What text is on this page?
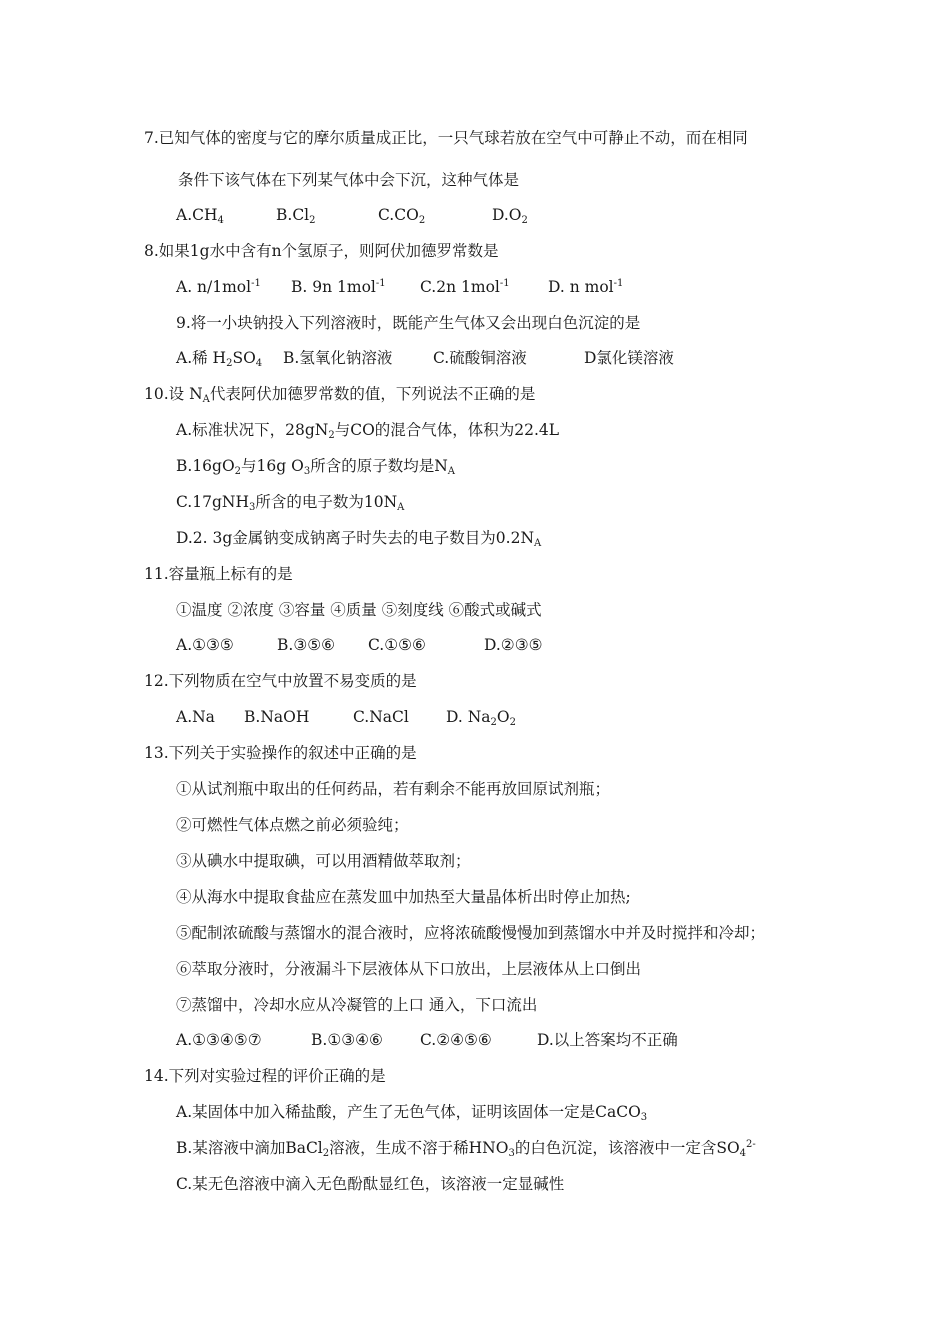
7.已知气体的密度与它的摩尔质量成正比，一只气球若放在空气中可静止不动，而在相同
条件下该气体在下列某气体中会下沉，这种气体是
$A.CH_4$	$B.Cl_2$	$C.CO_2$	$D.O_2$
8.如果1g水中含有n个氢原子，则阿伏加德罗常数是
A. n/1mol$^{-1}$ B. 9n 1mol$^{-1}$ C.2n 1mol$^{-1}$ D. n mol$^{-1}$
9.将一小块钠投入下列溶液时，既能产生气体又会出现白色沉淀的是
A.稀 $H_2SO_4$ B.氢氧化钠溶液	C.硫酸铜溶液	D氯化镁溶液
10.设 $N_A$代表阿伏加德罗常数的值，下列说法不正确的是
A.标准状况下，$28gN_2$与CO的混合气体，体积为22.4L
$B.16gO_2$与16g $O_3$所含的原子数均是$N_A$
C.17gNH$_3$所含的电子数为$10N_A$
D.2. 3g金属钠变成钠离子时失去的电子数目为$0.2N_A$
11.容量瓶上标有的是
①温度 ②浓度 ③容量 ④质量 ⑤刻度线 ⑥酸式或碱式
A.①③⑤	B.③⑤⑥ C.①⑤⑥	D.②③⑤
12.下列物质在空气中放置不易变质的是
A.Na B.NaOH	C.NaCl D. $Na_2O_2$
13.下列关于实验操作的叙述中正确的是
①从试剂瓶中取出的任何药品，若有剩余不能再放回原试剂瓶；
②可燃性气体点燃之前必须验纯；
③从碘水中提取碘，可以用酒精做萃取剂；
④从海水中提取食盐应在蒸发皿中加热至大量晶体析出时停止加热;
⑤配制浓硫酸与蒸馏水的混合液时，应将浓硫酸慢慢加到蒸馏水中并及时搅拌和冷却；
⑥萃取分液时，分液漏斗下层液体从下口放出，上层液体从上口倒出
⑦蒸馏中，冷却水应从冷凝管的上口 通入，下口流出
A.①③④⑤⑦	B.①③④⑥ C.②④⑤⑥	D.以上答案均不正确
14.下列对实验过程的评价正确的是
A.某固体中加入稀盐酸，产生了无色气体，证明该固体一定是CaCO$_3$
B.某溶液中滴加BaCl$_2$溶液，生成不溶于稀$HNO_3$的白色沉淀，该溶液中一定含$SO_4^{2-}$
C.某无色溶液中滴入无色酚酞显红色，该溶液一定显碱性
